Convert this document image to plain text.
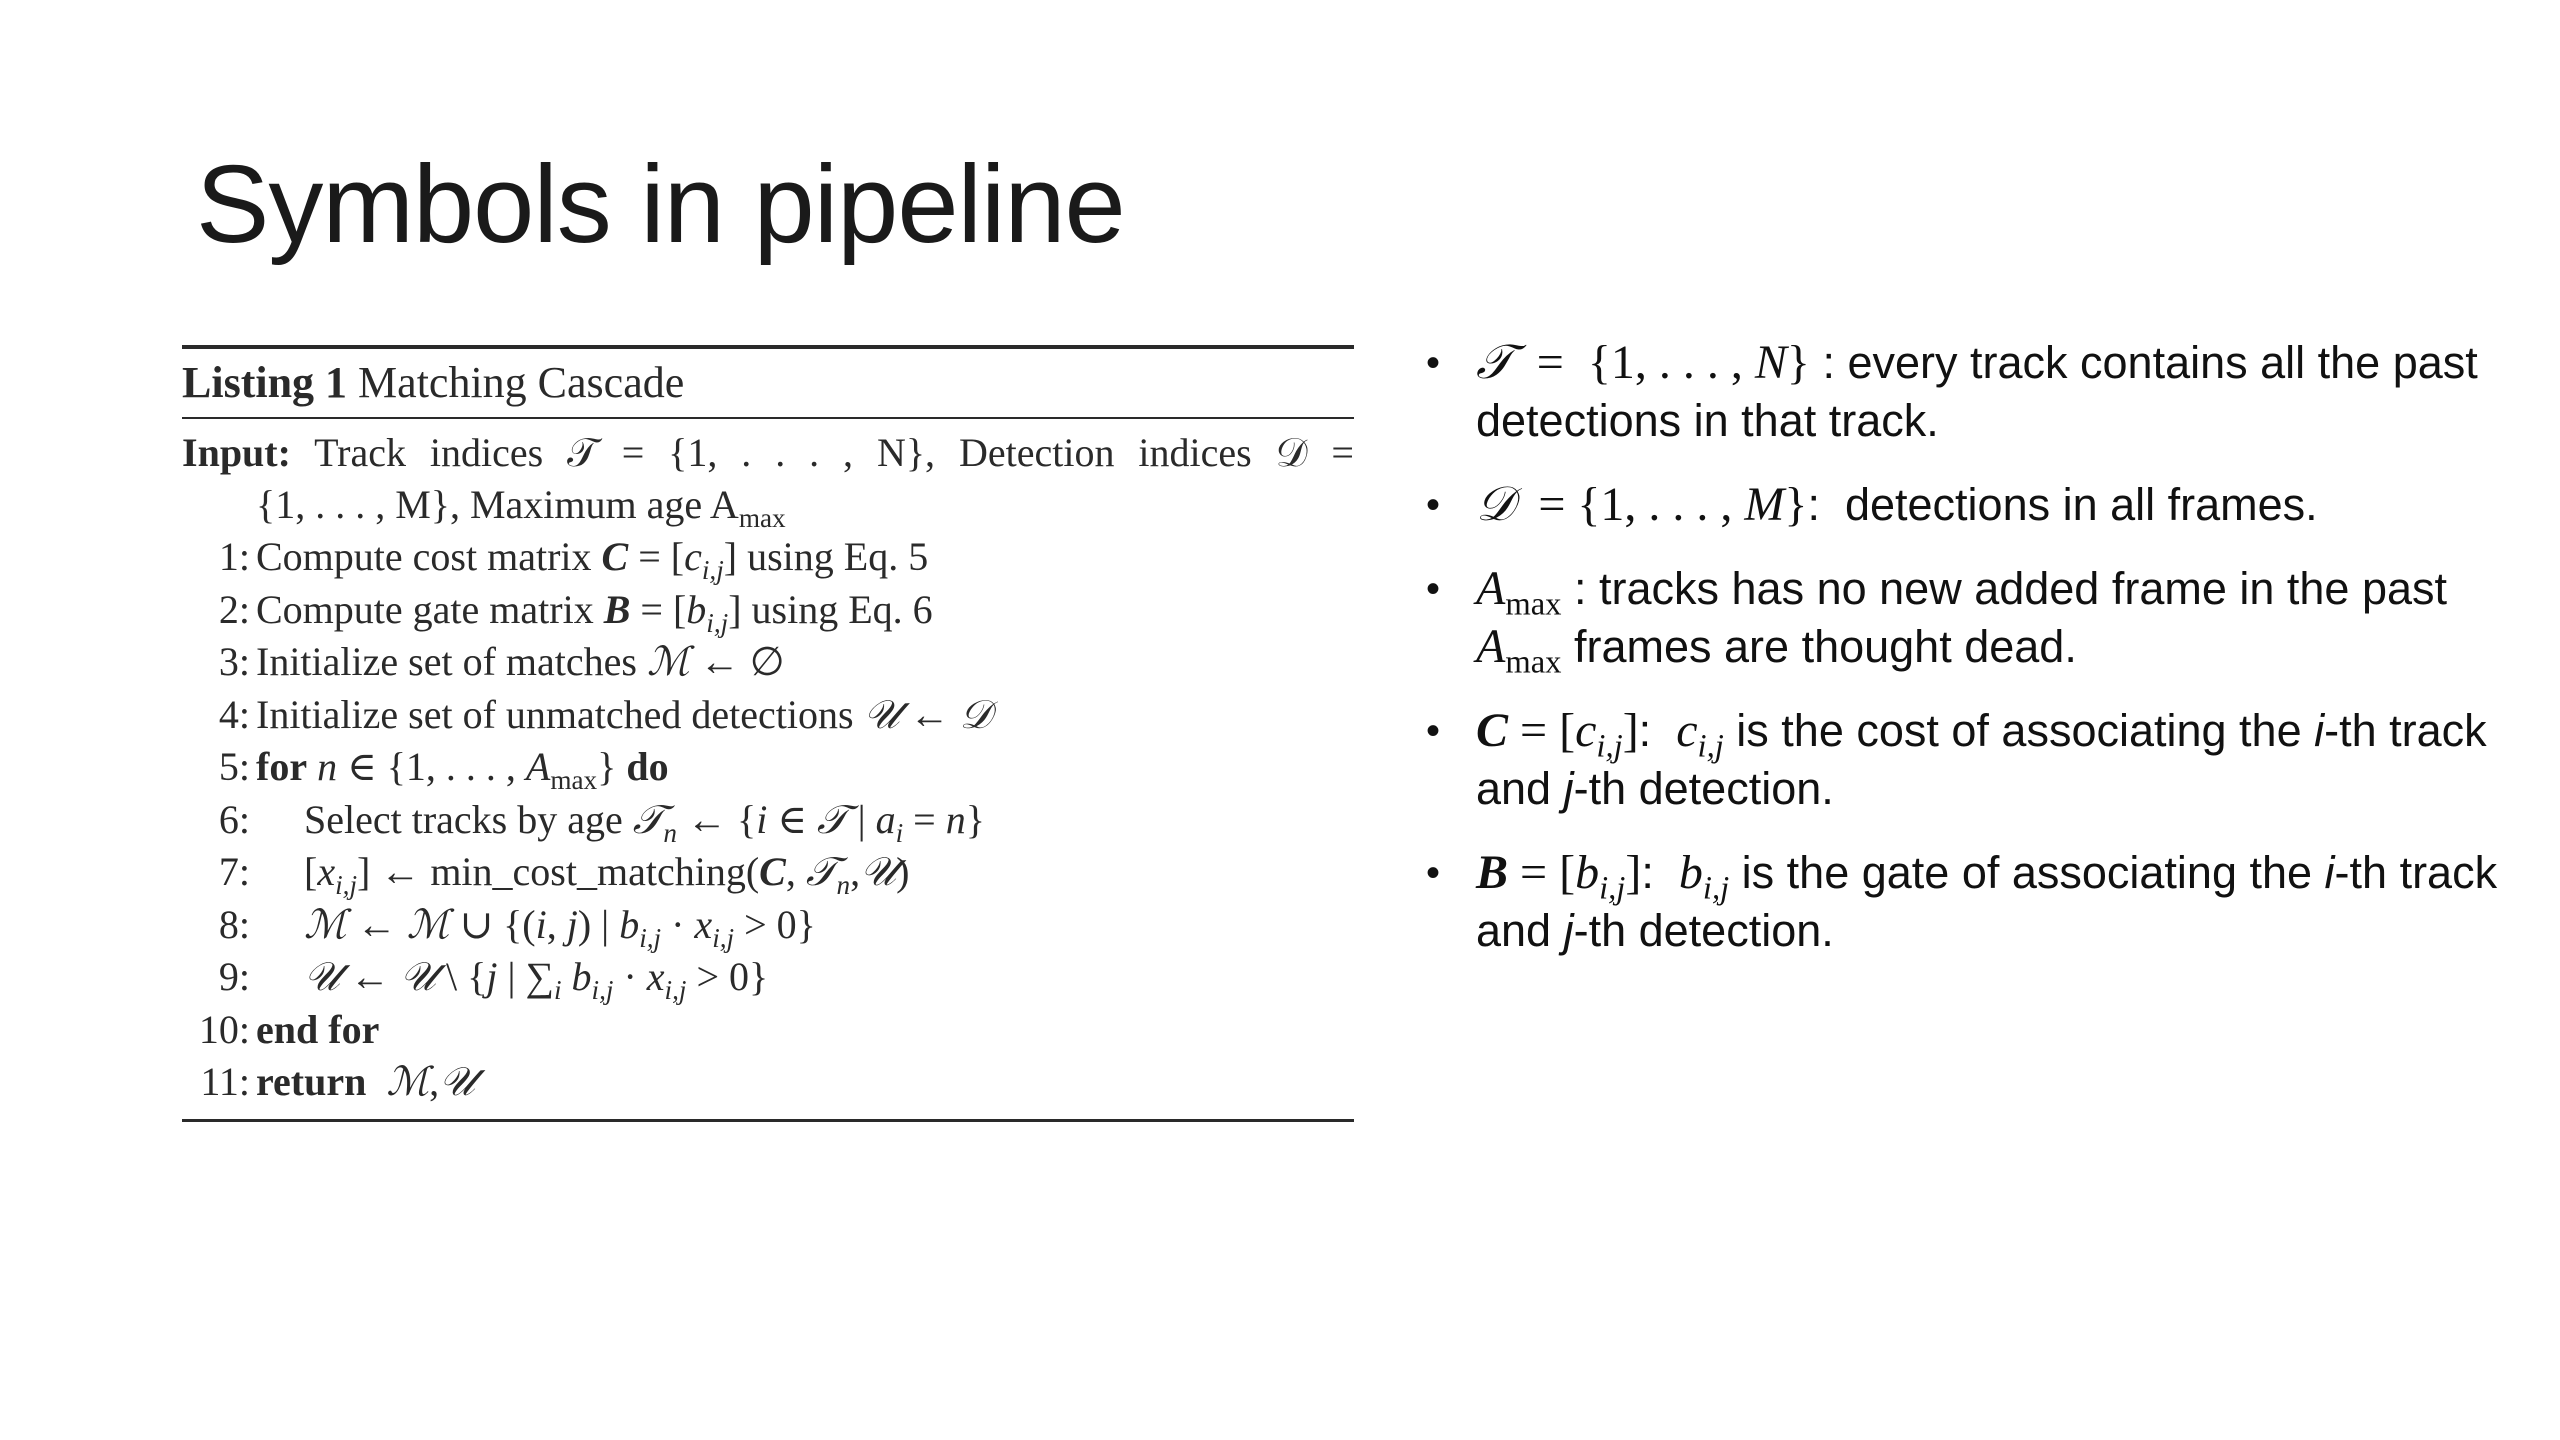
Symbols in pipeline
Listing 1 Matching Cascade
Input: Track indices 𝒯 = {1, . . . , N}, Detection indices 𝒟 =
{1, . . . , M}, Maximum age $A_{max}$
1: Compute cost matrix $C = [c_{i,j}]$ using Eq. 5
2: Compute gate matrix $B = [b_{i,j}]$ using Eq. 6
3: Initialize set of matches ℳ ← ∅
4: Initialize set of unmatched detections 𝒰 ← 𝒟
5: for n ∈ {1, . . . , $A_{max}$} do
6:	Select tracks by age 𝒯$_n$ ← {i ∈ 𝒯 | $a_i = n$}
7:	$[x_{i,j}]$ ← min_cost_matching(C, 𝒯$_n$,𝒰)
8:	ℳ ← ℳ ∪ {(i, j) | $b_{i,j} \cdot x_{i,j} > 0$}
9:	𝒰 ← 𝒰 \ {j | $\sum_i$ $b_{i,j} \cdot x_{i,j} > 0$}
10: end for
11: return ℳ,𝒰
• 𝒯  =  {1, . . . , N} : every track contains all the past detections in that track.
• 𝒟  = {1, . . . , M}:  detections in all frames.
• $A_{max}$ : tracks has no new added frame in the past $A_{max}$ frames are thought dead.
• $C = [c_{i,j}]$:  $c_{i,j}$ is the cost of associating the i-th track and j-th detection.
• $B = [b_{i,j}]$:  $b_{i,j}$ is the gate of associating the i-th track and j-th detection.
